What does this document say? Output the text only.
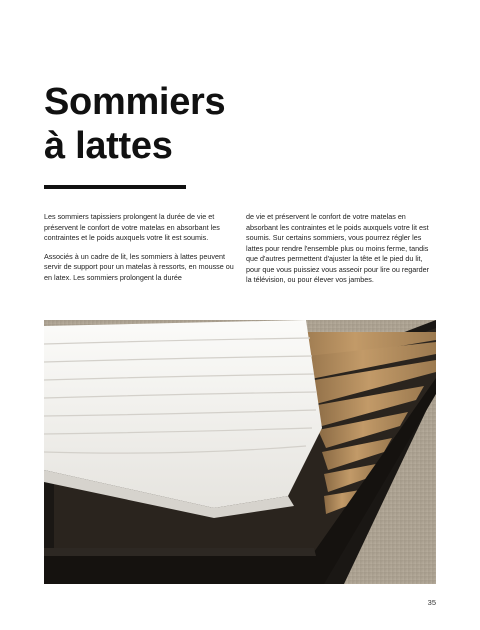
Sommiers
à lattes

Les sommiers tapissiers prolongent la durée de vie et préservent le confort de votre matelas en absorbant les contraintes et le poids auxquels votre lit est soumis.

Associés à un cadre de lit, les sommiers à lattes peuvent servir de support pour un matelas à ressorts, en mousse ou en latex. Les sommiers prolongent la durée

de vie et préservent le confort de votre matelas en absorbant les contraintes et le poids auxquels votre lit est soumis. Sur certains sommiers, vous pourrez régler les lattes pour rendre l'ensemble plus ou moins ferme, tandis que d'autres permettent d'ajuster la tête et le pied du lit, pour que vous puissiez vous asseoir pour lire ou regarder la télévision, ou pour élever vos jambes.

35
